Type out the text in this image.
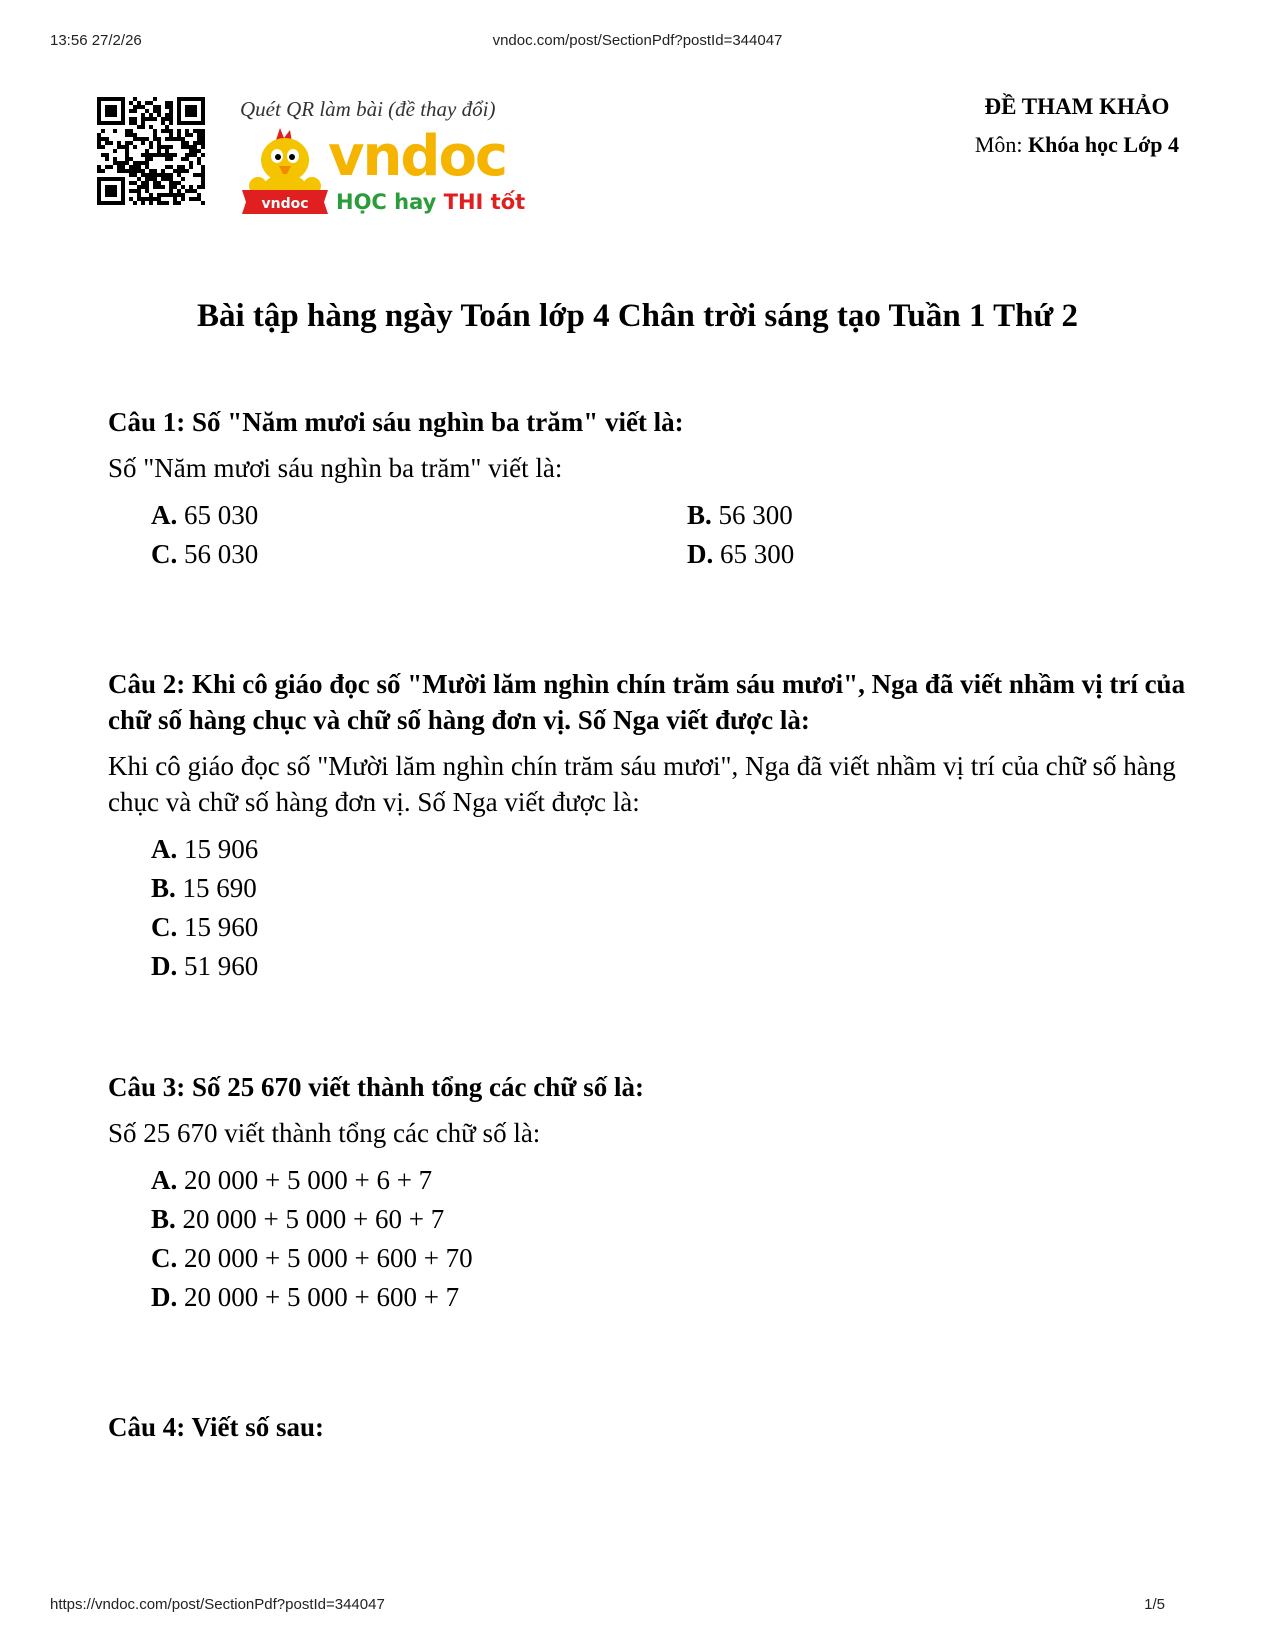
13:56 27/2/26	vndoc.com/post/SectionPdf?postId=344047
Quét QR làm bài (đề thay đổi)
vndoc
vndoc
HỌC hay THI tốt
ĐỀ THAM KHẢO
Môn: Khóa học Lớp 4
Bài tập hàng ngày Toán lớp 4 Chân trời sáng tạo Tuần 1 Thứ 2
Câu 1: Số "Năm mươi sáu nghìn ba trăm" viết là:
Số "Năm mươi sáu nghìn ba trăm" viết là:
A. 65 030	B. 56 300
C. 56 030	D. 65 300
Câu 2: Khi cô giáo đọc số "Mười lăm nghìn chín trăm sáu mươi", Nga đã viết nhầm vị trí của chữ số hàng chục và chữ số hàng đơn vị. Số Nga viết được là:
Khi cô giáo đọc số "Mười lăm nghìn chín trăm sáu mươi", Nga đã viết nhầm vị trí của chữ số hàng chục và chữ số hàng đơn vị. Số Nga viết được là:
A. 15 906
B. 15 690
C. 15 960
D. 51 960
Câu 3: Số 25 670 viết thành tổng các chữ số là:
Số 25 670 viết thành tổng các chữ số là:
A. 20 000 + 5 000 + 6 + 7
B. 20 000 + 5 000 + 60 + 7
C. 20 000 + 5 000 + 600 + 70
D. 20 000 + 5 000 + 600 + 7
Câu 4: Viết số sau:
https://vndoc.com/post/SectionPdf?postId=344047	1/5
